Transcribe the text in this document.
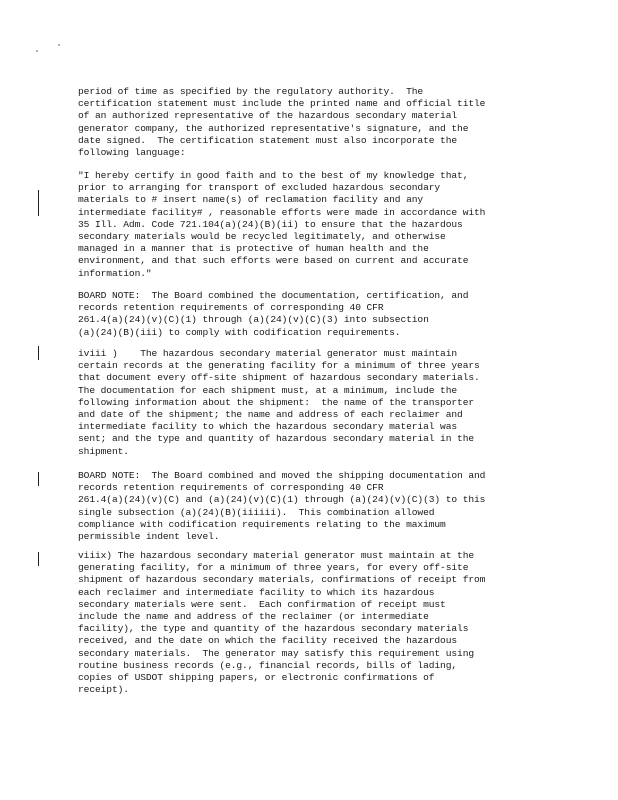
period of time as specified by the regulatory authority.  The
certification statement must include the printed name and official title
of an authorized representative of the hazardous secondary material
generator company, the authorized representative's signature, and the
date signed.  The certification statement must also incorporate the
following language:
"I hereby certify in good faith and to the best of my knowledge that,
prior to arranging for transport of excluded hazardous secondary
materials to # insert name(s) of reclamation facility and any
intermediate facility# , reasonable efforts were made in accordance with
35 Ill. Adm. Code 721.104(a)(24)(B)(ii) to ensure that the hazardous
secondary materials would be recycled legitimately, and otherwise
managed in a manner that is protective of human health and the
environment, and that such efforts were based on current and accurate
information."
BOARD NOTE:  The Board combined the documentation, certification, and
records retention requirements of corresponding 40 CFR
261.4(a)(24)(v)(C)(1) through (a)(24)(v)(C)(3) into subsection
(a)(24)(B)(iii) to comply with codification requirements.
iviii )    The hazardous secondary material generator must maintain
certain records at the generating facility for a minimum of three years
that document every off-site shipment of hazardous secondary materials.
The documentation for each shipment must, at a minimum, include the
following information about the shipment:  the name of the transporter
and date of the shipment; the name and address of each reclaimer and
intermediate facility to which the hazardous secondary material was
sent; and the type and quantity of hazardous secondary material in the
shipment.
BOARD NOTE:  The Board combined and moved the shipping documentation and
records retention requirements of corresponding 40 CFR
261.4(a)(24)(v)(C) and (a)(24)(v)(C)(1) through (a)(24)(v)(C)(3) to this
single subsection (a)(24)(B)(iiiiii).  This combination allowed
compliance with codification requirements relating to the maximum
permissible indent level.
viiix) The hazardous secondary material generator must maintain at the
generating facility, for a minimum of three years, for every off-site
shipment of hazardous secondary materials, confirmations of receipt from
each reclaimer and intermediate facility to which its hazardous
secondary materials were sent.  Each confirmation of receipt must
include the name and address of the reclaimer (or intermediate
facility), the type and quantity of the hazardous secondary materials
received, and the date on which the facility received the hazardous
secondary materials.  The generator may satisfy this requirement using
routine business records (e.g., financial records, bills of lading,
copies of USDOT shipping papers, or electronic confirmations of
receipt).
